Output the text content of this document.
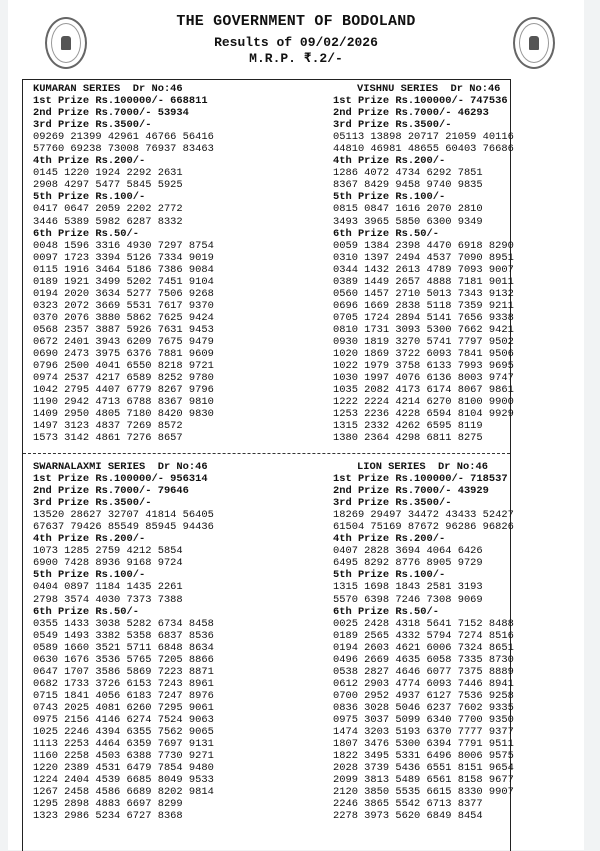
THE GOVERNMENT OF BODOLAND
Results of 09/02/2026
M.R.P. ₹.2/-
KUMARAN SERIES  Dr No:46
1st Prize Rs.100000/- 668811
2nd Prize Rs.7000/- 53934
3rd Prize Rs.3500/-
09269 21399 42961 46766 56416
57760 69238 73008 76937 83463
4th Prize Rs.200/-
0145 1220 1924 2292 2631
2908 4297 5477 5845 5925
5th Prize Rs.100/-
0417 0647 2059 2202 2772
3446 5389 5982 6287 8332
6th Prize Rs.50/-
0048 1596 3316 4930 7297 8754
0097 1723 3394 5126 7334 9019
0115 1916 3464 5186 7386 9084
0189 1921 3499 5202 7451 9104
0194 2020 3634 5277 7506 9268
0323 2072 3669 5531 7617 9370
0370 2076 3880 5862 7625 9424
0568 2357 3887 5926 7631 9453
0672 2401 3943 6209 7675 9479
0690 2473 3975 6376 7881 9609
0796 2500 4041 6550 8218 9721
0974 2537 4217 6589 8252 9780
1042 2795 4407 6779 8267 9796
1190 2942 4713 6788 8367 9810
1409 2950 4805 7180 8420 9830
1497 3123 4837 7269 8572
1573 3142 4861 7276 8657
VISHNU SERIES  Dr No:46
1st Prize Rs.100000/- 747536
2nd Prize Rs.7000/- 46293
3rd Prize Rs.3500/-
05113 13898 20717 21059 40116
44810 46981 48655 60403 76686
4th Prize Rs.200/-
1286 4072 4734 6292 7851
8367 8429 9458 9740 9835
5th Prize Rs.100/-
0815 0847 1616 2070 2810
3493 3965 5850 6300 9349
6th Prize Rs.50/-
0059 1384 2398 4470 6918 8290
0310 1397 2494 4537 7090 8951
0344 1432 2613 4789 7093 9007
0389 1449 2657 4888 7181 9011
0560 1457 2710 5013 7343 9132
0696 1669 2838 5118 7359 9211
0705 1724 2894 5141 7656 9338
0810 1731 3093 5300 7662 9421
0930 1819 3270 5741 7797 9502
1020 1869 3722 6093 7841 9506
1022 1979 3758 6133 7993 9695
1030 1997 4076 6136 8003 9747
1035 2082 4173 6174 8067 9861
1222 2224 4214 6270 8100 9900
1253 2236 4228 6594 8104 9929
1315 2332 4262 6595 8119
1380 2364 4298 6811 8275
SWARNALAXMI SERIES  Dr No:46
1st Prize Rs.100000/- 956314
2nd Prize Rs.7000/- 79646
3rd Prize Rs.3500/-
13520 28627 32707 41814 56405
67637 79426 85549 85945 94436
4th Prize Rs.200/-
1073 1285 2759 4212 5854
6900 7428 8936 9168 9724
5th Prize Rs.100/-
0404 0897 1184 1435 2261
2798 3574 4030 7373 7388
6th Prize Rs.50/-
0355 1433 3038 5282 6734 8458
0549 1493 3382 5358 6837 8536
0589 1660 3521 5711 6848 8634
0630 1676 3536 5765 7205 8866
0647 1707 3586 5869 7223 8871
0682 1733 3726 6153 7243 8961
0715 1841 4056 6183 7247 8976
0743 2025 4081 6260 7295 9061
0975 2156 4146 6274 7524 9063
1025 2246 4394 6355 7562 9065
1113 2253 4464 6359 7697 9131
1160 2258 4503 6388 7730 9271
1220 2389 4531 6479 7854 9480
1224 2404 4539 6685 8049 9533
1267 2458 4586 6689 8202 9814
1295 2898 4883 6697 8299
1323 2986 5234 6727 8368
LION SERIES  Dr No:46
1st Prize Rs.100000/- 718537
2nd Prize Rs.7000/- 43929
3rd Prize Rs.3500/-
18269 29497 34472 43433 52427
61504 75169 87672 96286 96826
4th Prize Rs.200/-
0407 2828 3694 4064 6426
6495 8292 8776 8905 9729
5th Prize Rs.100/-
1315 1698 1843 2581 3193
5570 6398 7246 7308 9069
6th Prize Rs.50/-
0025 2428 4318 5641 7152 8488
0189 2565 4332 5794 7274 8516
0194 2603 4621 6006 7324 8651
0496 2669 4635 6058 7335 8730
0538 2827 4646 6077 7375 8889
0612 2903 4774 6093 7446 8941
0700 2952 4937 6127 7536 9258
0836 3028 5046 6237 7602 9335
0975 3037 5099 6340 7700 9350
1474 3203 5193 6370 7777 9377
1807 3476 5300 6394 7791 9511
1822 3495 5331 6496 8006 9575
2028 3739 5436 6551 8151 9654
2099 3813 5489 6561 8158 9677
2120 3850 5535 6615 8330 9907
2246 3865 5542 6713 8377
2278 3973 5620 6849 8454
